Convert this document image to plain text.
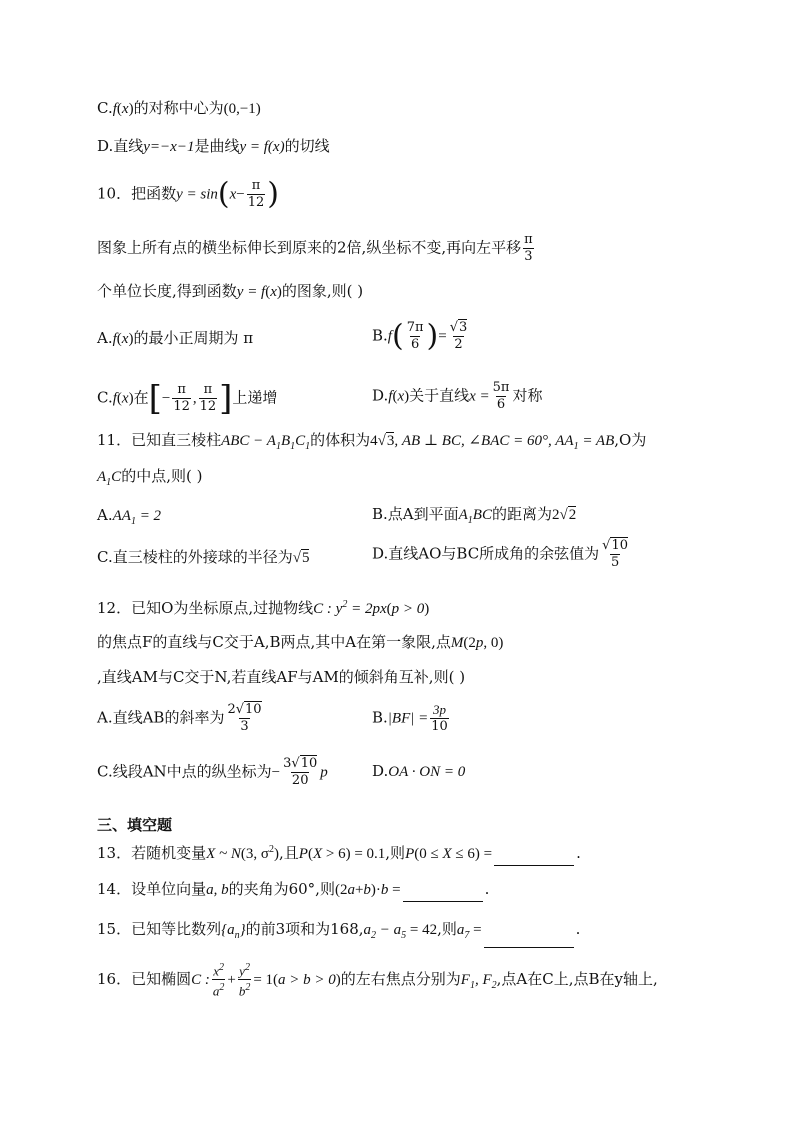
C.f(x)的对称中心为(0,−1)
D.直线y=−x−1是曲线y = f(x)的切线
10．把函数$y = \sin(x- \frac{\pi}{12}$ )
图象上所有点的横坐标伸长到原来的2倍,纵坐标不变,再向左平移 $\frac{\pi}{3}$
个单位长度,得到函数y = f(x)的图象,则( )
A.f(x)的最小正周期为 π	$B.f( \frac{7\pi}{6}$ )= $\frac{√3}{2}$
C.f(x)在[− $\frac{\pi}{12}$ , $\frac{\pi}{12}$ ]上递增	D.f(x)关于直线$x = \frac{5\pi}{6}$ 对称
11．已知直三棱柱ABC − $A_1B_1C_1$的体积为4√3, AB ⊥ BC, ∠BAC = 60°, $AA_1 = AB,O$为
$A_1C$的中点,则( )
$A.AA_1 = 2$	B.点A到平面$A_1BC$的距离为2√2
C.直三棱柱的外接球的半径为√5	D.直线AO与BC所成角的余弦值为 $\frac{√10}{5}$
12．已知O为坐标原点,过抛物线C : $y^2 = 2px(p > 0)$
的焦点F的直线与C交于A,B两点,其中A在第一象限,点M(2p, 0)
,直线AM与C交于N,若直线AF与AM的倾斜角互补,则( )
A.直线AB的斜率为 $\frac{2√10}{3}$	$B.|BF| = \frac{3p}{10}$
C.线段AN中点的纵坐标为− $\frac{3√10}{20}$ p	D.OA · ON = 0
三、填空题
13．若随机变量X ~ N(3, $\sigma^2$),且P(X > 6) = 0.1,则P(0 ≤ X ≤ 6) =	.
14．设单位向量a, b的夹角为60°,则(2a+b)·b =	.
15．已知等比数列$\{a_n\}$的前3项和为$168,a_2 - a_5 = 42$,则$a_7$ =	.
16．已知椭圆C : $\frac{x^2}{a^2} + \frac{y^2}{b^2} = 1(a > b > 0)$的左右焦点分别为$F_1$, $F_2$,点A在C上,点B在y轴上,
